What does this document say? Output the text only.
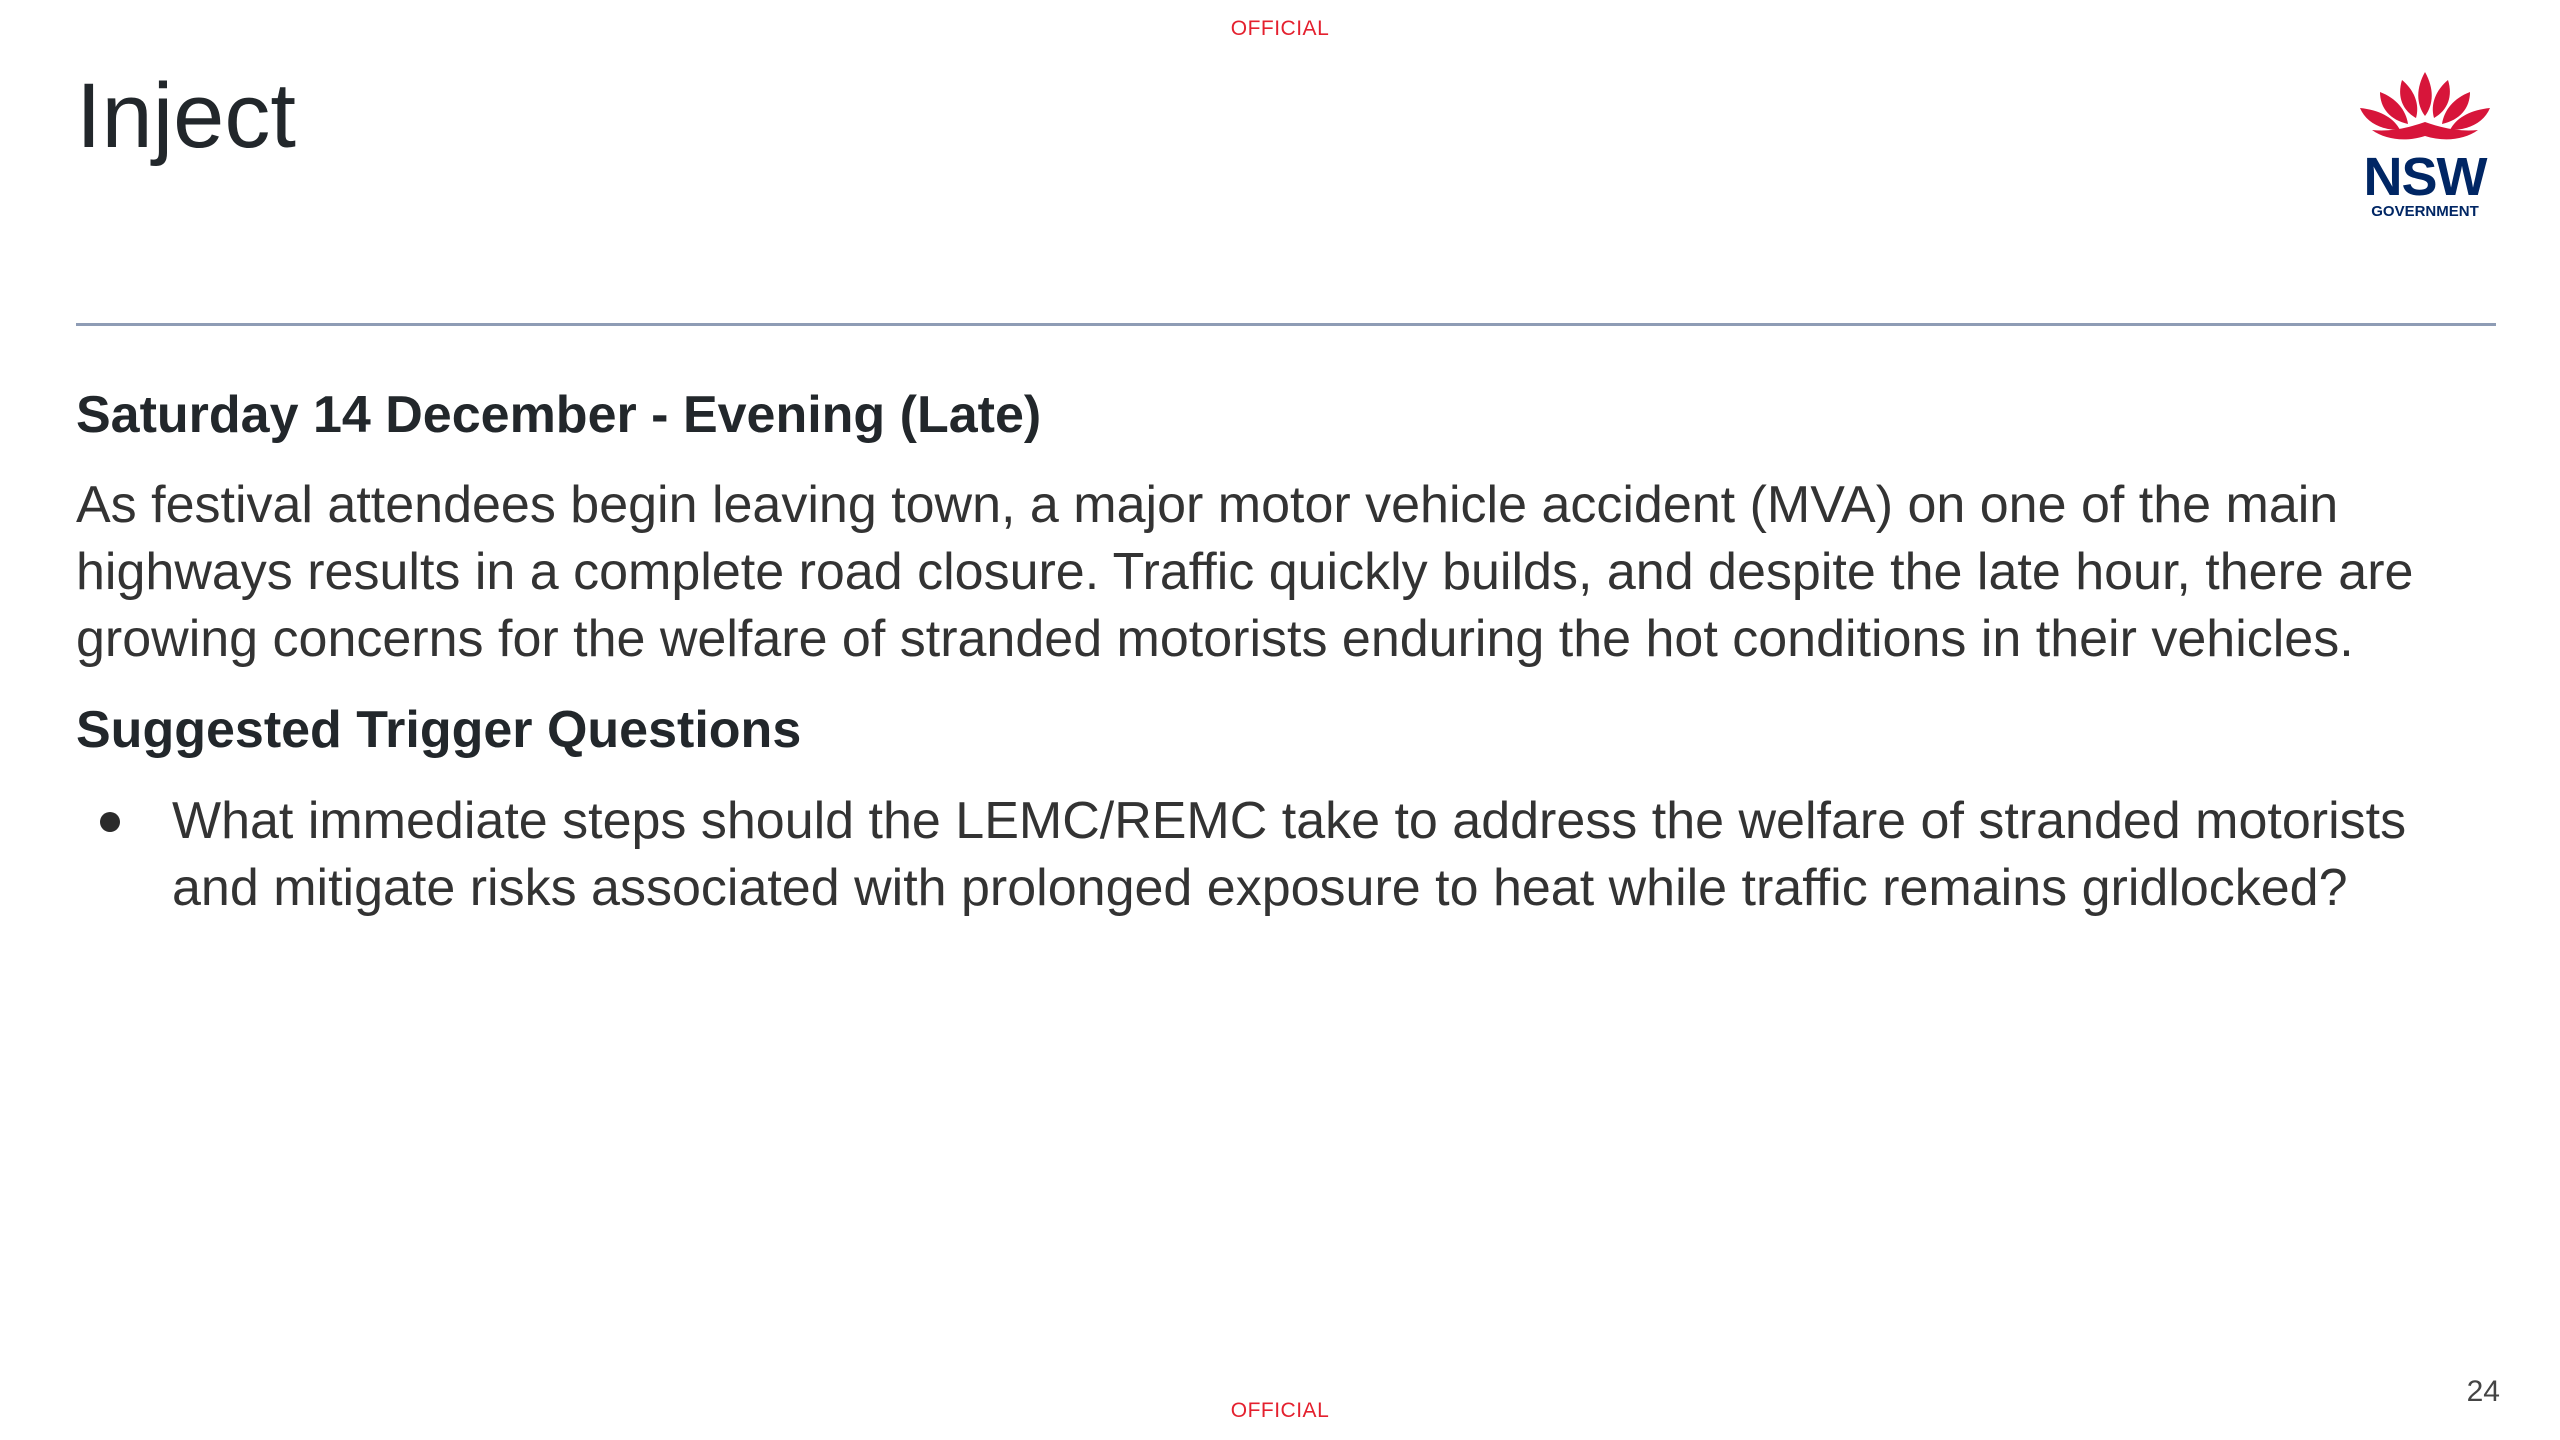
OFFICIAL
Inject
NSW
GOVERNMENT
Saturday 14 December - Evening (Late)

As festival attendees begin leaving town, a major motor vehicle accident (MVA) on one of the main highways results in a complete road closure. Traffic quickly builds, and despite the late hour, there are growing concerns for the welfare of stranded motorists enduring the hot conditions in their vehicles.

Suggested Trigger Questions
What immediate steps should the LEMC/REMC take to address the welfare of stranded motorists and mitigate risks associated with prolonged exposure to heat while traffic remains gridlocked?
24
OFFICIAL
